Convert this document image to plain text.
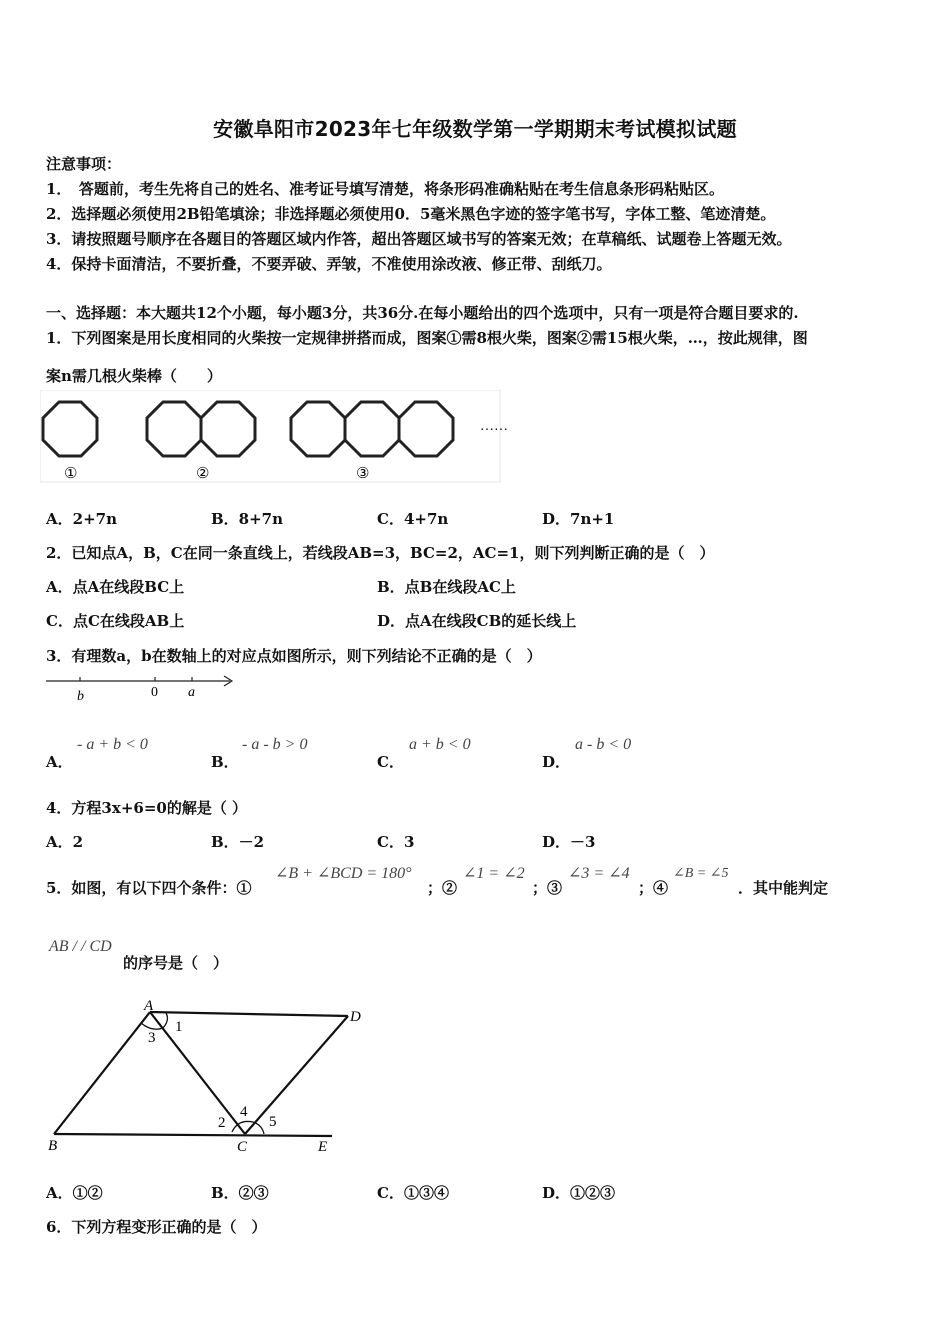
安徽阜阳市2023年七年级数学第一学期期末考试模拟试题
注意事项：
1．　答题前，考生先将自己的姓名、准考证号填写清楚，将条形码准确粘贴在考生信息条形码粘贴区。
2．选择题必须使用2B铅笔填涂；非选择题必须使用0．5毫米黑色字迹的签字笔书写，字体工整、笔迹清楚。
3．请按照题号顺序在各题目的答题区域内作答，超出答题区域书写的答案无效；在草稿纸、试题卷上答题无效。
4．保持卡面清洁，不要折叠，不要弄破、弄皱，不准使用涂改液、修正带、刮纸刀。
一、选择题：本大题共12个小题，每小题3分，共36分.在每小题给出的四个选项中，只有一项是符合题目要求的.
1．下列图案是用长度相同的火柴按一定规律拼搭而成，图案①需8根火柴，图案②需15根火柴，…，按此规律，图
案n需几根火柴棒（　　）
……
①	②	③
A．2+7n	B．8+7n	C．4+7n	D．7n+1
2．已知点A，B，C在同一条直线上，若线段AB=3，BC=2，AC=1，则下列判断正确的是（　）
A．点A在线段BC上	B．点B在线段AC上
C．点C在线段AB上	D．点A在线段CB的延长线上
3．有理数a，b在数轴上的对应点如图所示，则下列结论不正确的是（　）
b	0 a
A．
- a + b < 0
B．
- a - b > 0
C．
a + b < 0
D．
a - b < 0
4．方程3x+6=0的解是（ ）
A．2	B．－2	C．3	D．－3
5．如图，有以下四个条件：①
∠B + ∠BCD = 180°
；②
∠1 = ∠2
；③
∠3 = ∠4
；④
∠B = ∠5
．其中能判定
AB / / CD
的序号是（　）
A
1
3
D
2
4
5
B	C	E
A．①②	B．②③	C．①③④	D．①②③
6．下列方程变形正确的是（　）
